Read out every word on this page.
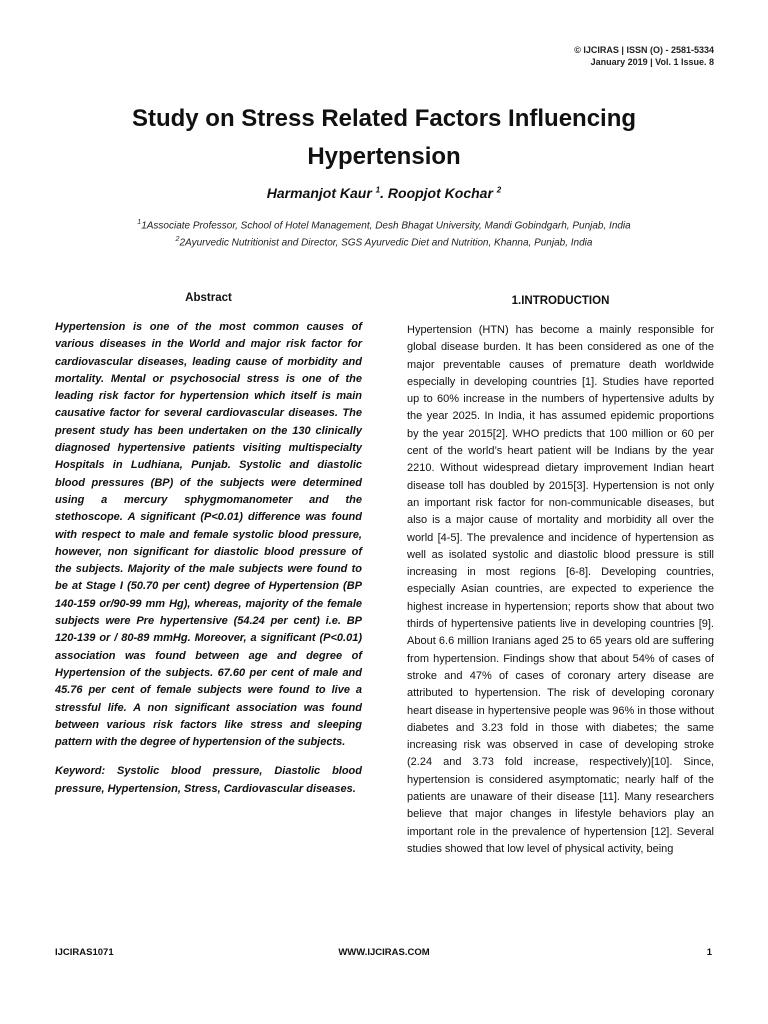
© IJCIRAS | ISSN (O) - 2581-5334
January 2019 | Vol. 1 Issue. 8
Study on Stress Related Factors Influencing Hypertension
Harmanjot Kaur $^1$. Roopjot Kochar $^2$
$^1$1Associate Professor, School of Hotel Management, Desh Bhagat University, Mandi Gobindgarh, Punjab, India
$^2$2Ayurvedic Nutritionist and Director, SGS Ayurvedic Diet and Nutrition, Khanna, Punjab, India
Abstract

Hypertension is one of the most common causes of various diseases in the World and major risk factor for cardiovascular diseases, leading cause of morbidity and mortality. Mental or psychosocial stress is one of the leading risk factor for hypertension which itself is main causative factor for several cardiovascular diseases. The present study has been undertaken on the 130 clinically diagnosed hypertensive patients visiting multispecialty Hospitals in Ludhiana, Punjab. Systolic and diastolic blood pressures (BP) of the subjects were determined using a mercury sphygmomanometer and the stethoscope. A significant (P<0.01) difference was found with respect to male and female systolic blood pressure, however, non significant for diastolic blood pressure of the subjects. Majority of the male subjects were found to be at Stage I (50.70 per cent) degree of Hypertension (BP 140-159 or/90-99 mm Hg), whereas, majority of the female subjects were Pre hypertensive (54.24 per cent) i.e. BP 120-139 or / 80-89 mmHg. Moreover, a significant (P<0.01) association was found between age and degree of Hypertension of the subjects. 67.60 per cent of male and 45.76 per cent of female subjects were found to live a stressful life. A non significant association was found between various risk factors like stress and sleeping pattern with the degree of hypertension of the subjects.

Keyword: Systolic blood pressure, Diastolic blood pressure, Hypertension, Stress, Cardiovascular diseases.

1.INTRODUCTION

Hypertension (HTN) has become a mainly responsible for global disease burden. It has been considered as one of the major preventable causes of premature death worldwide especially in developing countries [1]. Studies have reported up to 60% increase in the numbers of hypertensive adults by the year 2025. In India, it has assumed epidemic proportions by the year 2015[2]. WHO predicts that 100 million or 60 per cent of the world’s heart patient will be Indians by the year 2210. Without widespread dietary improvement Indian heart disease toll has doubled by 2015[3]. Hypertension is not only an important risk factor for non-communicable diseases, but also is a major cause of mortality and morbidity all over the world [4-5]. The prevalence and incidence of hypertension as well as isolated systolic and diastolic blood pressure is still increasing in most regions [6-8]. Developing countries, especially Asian countries, are expected to experience the highest increase in hypertension; reports show that about two thirds of hypertensive patients live in developing countries [9]. About 6.6 million Iranians aged 25 to 65 years old are suffering from hypertension. Findings show that about 54% of cases of stroke and 47% of cases of coronary artery disease are attributed to hypertension. The risk of developing coronary heart disease in hypertensive people was 96% in those without diabetes and 3.23 fold in those with diabetes; the same increasing risk was observed in case of developing stroke (2.24 and 3.73 fold increase, respectively)[10]. Since, hypertension is considered asymptomatic; nearly half of the patients are unaware of their disease [11]. Many researchers believe that major changes in lifestyle behaviors play an important role in the prevalence of hypertension [12]. Several studies showed that low level of physical activity, being

IJCIRAS1071	WWW.IJCIRAS.COM	1
